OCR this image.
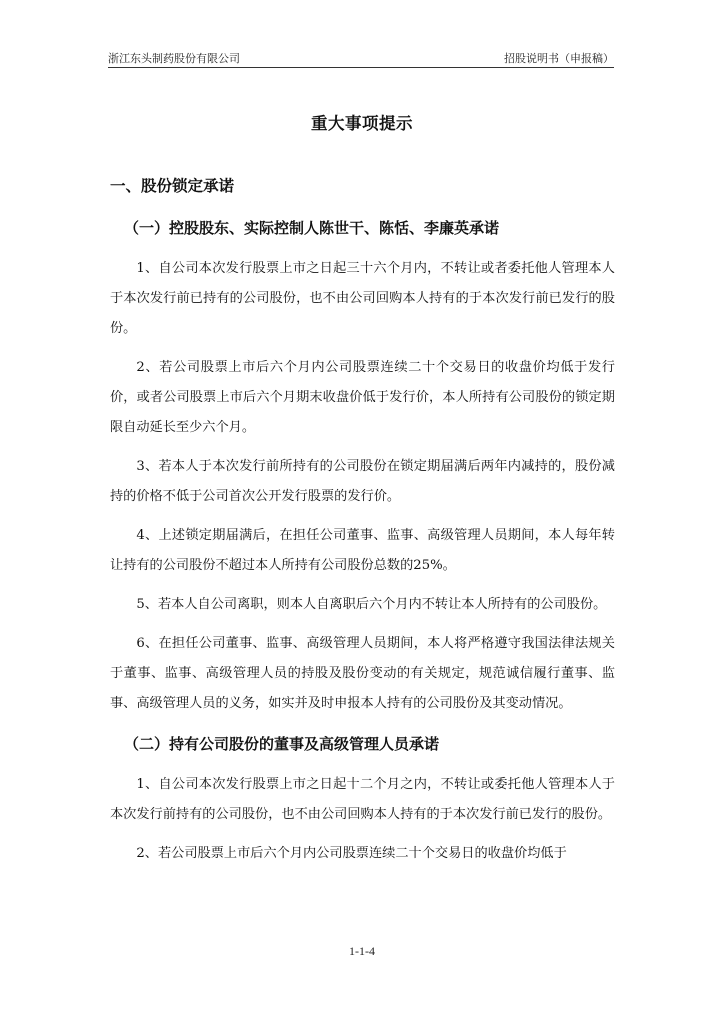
浙江东头制药股份有限公司	招股说明书（申报稿）
重大事项提示
一、股份锁定承诺
（一）控股股东、实际控制人陈世干、陈恬、李廉英承诺

1、自公司本次发行股票上市之日起三十六个月内，不转让或者委托他人管理本人于本次发行前已持有的公司股份，也不由公司回购本人持有的于本次发行前已发行的股份。

2、若公司股票上市后六个月内公司股票连续二十个交易日的收盘价均低于发行价，或者公司股票上市后六个月期末收盘价低于发行价，本人所持有公司股份的锁定期限自动延长至少六个月。

3、若本人于本次发行前所持有的公司股份在锁定期届满后两年内减持的，股份减持的价格不低于公司首次公开发行股票的发行价。

4、上述锁定期届满后，在担任公司董事、监事、高级管理人员期间，本人每年转让持有的公司股份不超过本人所持有公司股份总数的25%。

5、若本人自公司离职，则本人自离职后六个月内不转让本人所持有的公司股份。

6、在担任公司董事、监事、高级管理人员期间，本人将严格遵守我国法律法规关于董事、监事、高级管理人员的持股及股份变动的有关规定，规范诚信履行董事、监事、高级管理人员的义务，如实并及时申报本人持有的公司股份及其变动情况。

（二）持有公司股份的董事及高级管理人员承诺

1、自公司本次发行股票上市之日起十二个月之内，不转让或委托他人管理本人于本次发行前持有的公司股份，也不由公司回购本人持有的于本次发行前已发行的股份。

2、若公司股票上市后六个月内公司股票连续二十个交易日的收盘价均低于

1-1-4
